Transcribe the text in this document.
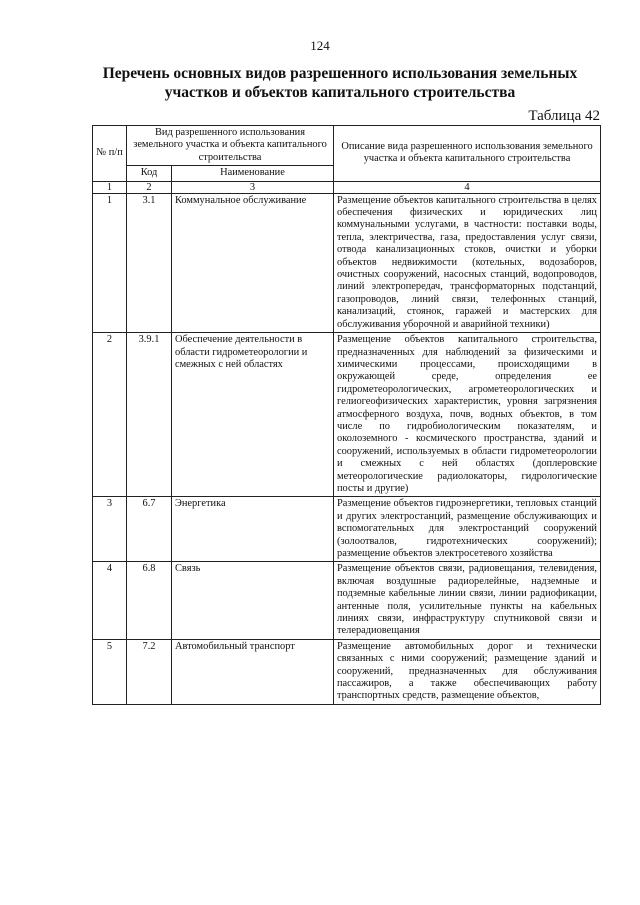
124
Перечень основных видов разрешенного использования земельных участков и объектов капитального строительства
Таблица 42
№ п/п	Вид разрешенного использования земельного участка и объекта капитального строительства		Описание вида разрешенного использования земельного участка и объекта капитального строительства
	Код	Наименование	
1	2	3	4
1	3.1	Коммунальное обслуживание	Размещение объектов капитального строительства в целях обеспечения физических и юридических лиц коммунальными услугами, в частности: поставки воды, тепла, электричества, газа, предоставления услуг связи, отвода канализационных стоков, очистки и уборки объектов недвижимости (котельных, водозаборов, очистных сооружений, насосных станций, водопроводов, линий электропередач, трансформаторных подстанций, газопроводов, линий связи, телефонных станций, канализаций, стоянок, гаражей и мастерских для обслуживания уборочной и аварийной техники)
2	3.9.1	Обеспечение деятельности в области гидрометеорологии и смежных с ней областях	Размещение объектов капитального строительства, предназначенных для наблюдений за физическими и химическими процессами, происходящими в окружающей среде, определения ее гидрометеорологических, агрометеорологических и гелиогеофизических характеристик, уровня загрязнения атмосферного воздуха, почв, водных объектов, в том числе по гидробиологическим показателям, и околоземного - космического пространства, зданий и сооружений, используемых в области гидрометеорологии и смежных с ней областях (доплеровские метеорологические радиолокаторы, гидрологические посты и другие)
3	6.7	Энергетика	Размещение объектов гидроэнергетики, тепловых станций и других электростанций, размещение обслуживающих и вспомогательных для электростанций сооружений (золоотвалов, гидротехнических сооружений); размещение объектов электросетевого хозяйства
4	6.8	Связь	Размещение объектов связи, радиовещания, телевидения, включая воздушные радиорелейные, надземные и подземные кабельные линии связи, линии радиофикации, антенные поля, усилительные пункты на кабельных линиях связи, инфраструктуру спутниковой связи и телерадиовещания
5	7.2	Автомобильный транспорт	Размещение автомобильных дорог и технически связанных с ними сооружений; размещение зданий и сооружений, предназначенных для обслуживания пассажиров, а также обеспечивающих работу транспортных средств, размещение объектов,
